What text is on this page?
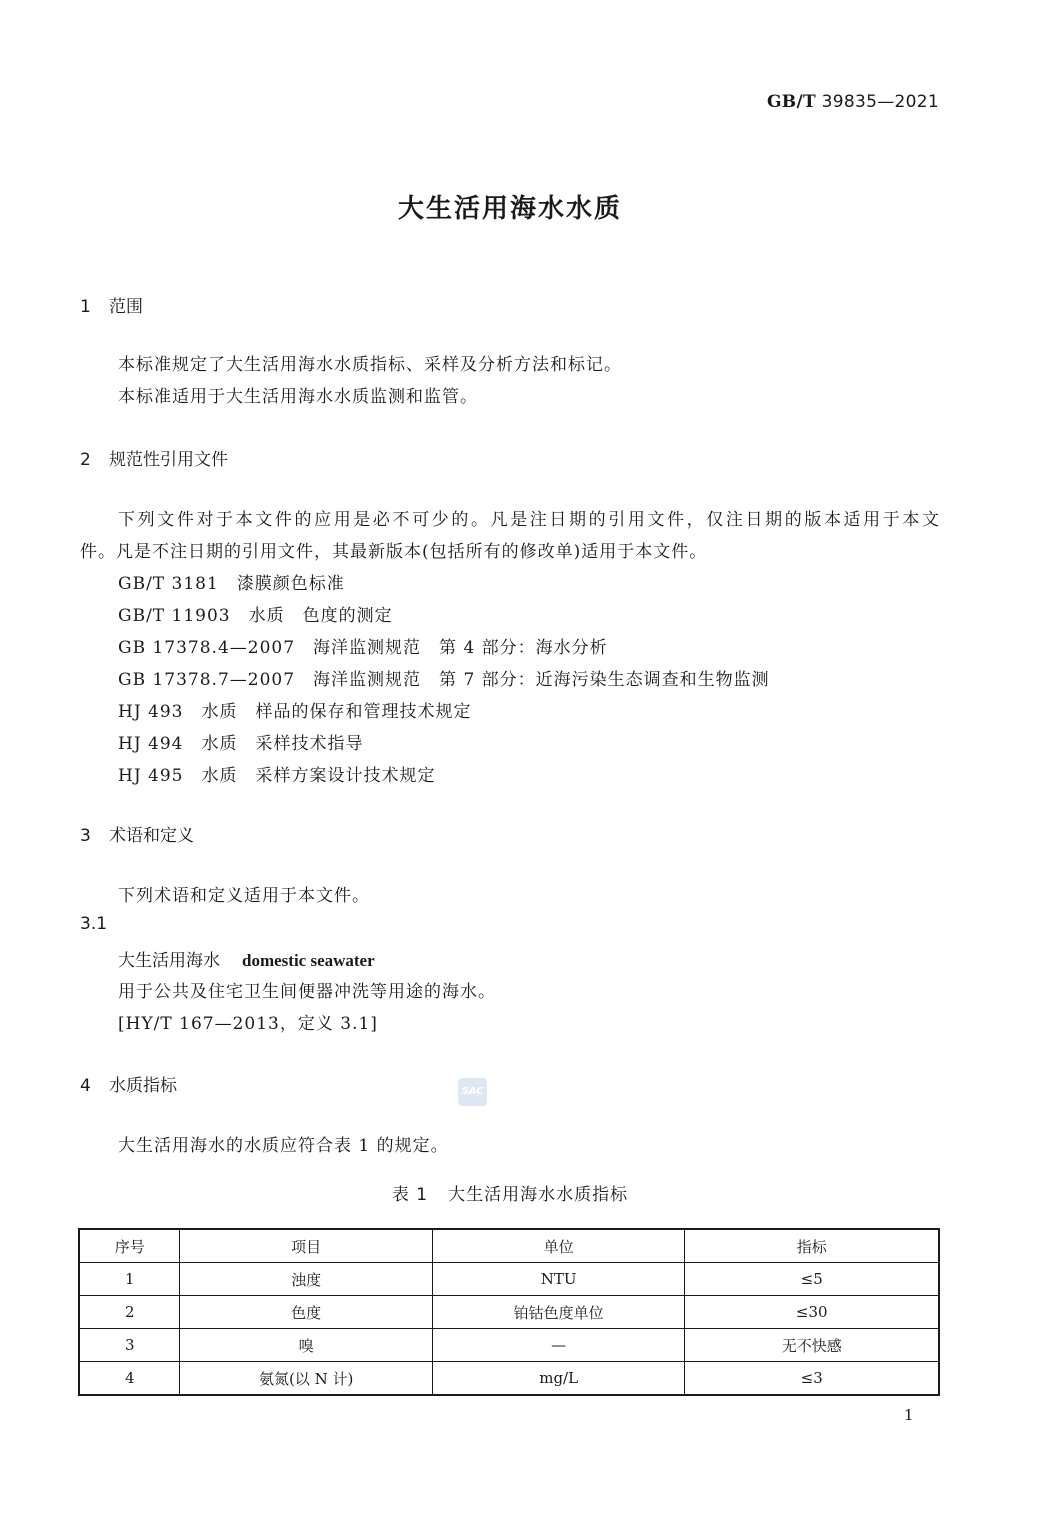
GB/T 39835—2021
大生活用海水水质
1 范围
本标准规定了大生活用海水水质指标、采样及分析方法和标记。
本标准适用于大生活用海水水质监测和监管。
2 规范性引用文件
下列文件对于本文件的应用是必不可少的。凡是注日期的引用文件，仅注日期的版本适用于本文
件。凡是不注日期的引用文件，其最新版本(包括所有的修改单)适用于本文件。
GB/T 3181　 漆膜颜色标准
GB/T 11903　 水质　色度的测定
GB 17378.4—2007　 海洋监测规范　第 4 部分：海水分析
GB 17378.7—2007　 海洋监测规范　第 7 部分：近海污染生态调查和生物监测
HJ 493　 水质　样品的保存和管理技术规定
HJ 494　 水质　采样技术指导
HJ 495　 水质　采样方案设计技术规定
3 术语和定义
下列术语和定义适用于本文件。
3.1
大生活用海水 domestic seawater
用于公共及住宅卫生间便器冲洗等用途的海水。
[HY/T 167—2013，定义 3.1]
4 水质指标	SAC
大生活用海水的水质应符合表 1 的规定。
表 1 大生活用海水水质指标
序号	项目	单位	指标
1	浊度	NTU	≤5
2	色度	铂钴色度单位	≤30
3	嗅	—	无不快感
4	氨氮(以 N 计)	mg/L	≤3
1
